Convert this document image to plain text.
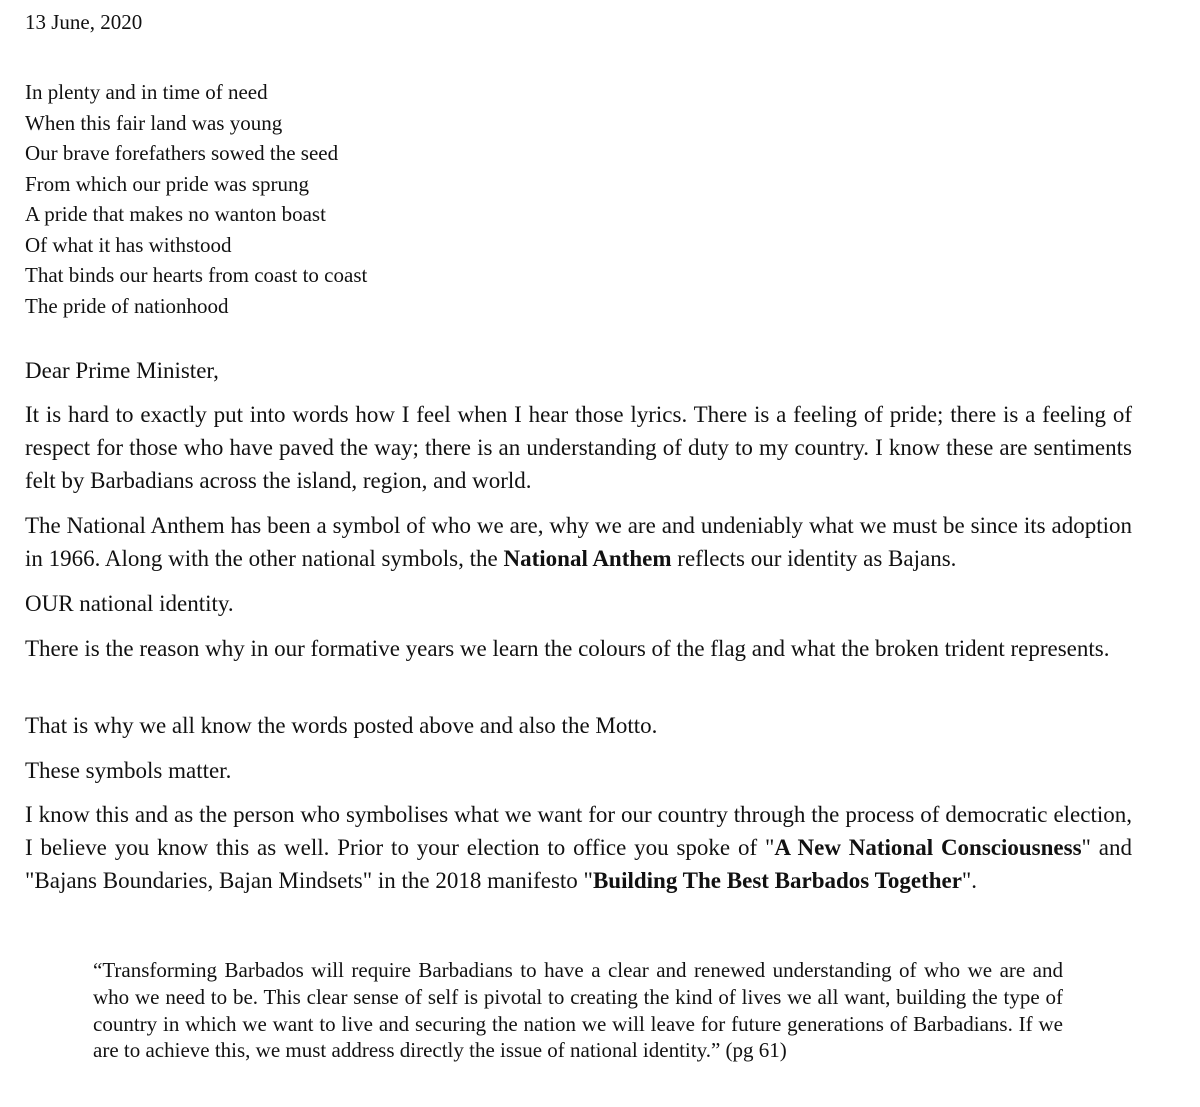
13 June, 2020
In plenty and in time of need
When this fair land was young
Our brave forefathers sowed the seed
From which our pride was sprung
A pride that makes no wanton boast
Of what it has withstood
That binds our hearts from coast to coast
The pride of nationhood
Dear Prime Minister,
It is hard to exactly put into words how I feel when I hear those lyrics. There is a feeling of pride; there is a feeling of respect for those who have paved the way; there is an understanding of duty to my country. I know these are sentiments felt by Barbadians across the island, region, and world.
The National Anthem has been a symbol of who we are, why we are and undeniably what we must be since its adoption in 1966. Along with the other national symbols, the National Anthem reflects our identity as Bajans.
OUR national identity.
There is the reason why in our formative years we learn the colours of the flag and what the broken trident represents.
That is why we all know the words posted above and also the Motto.
These symbols matter.
I know this and as the person who symbolises what we want for our country through the process of democratic election, I believe you know this as well. Prior to your election to office you spoke of "A New National Consciousness" and "Bajans Boundaries, Bajan Mindsets" in the 2018 manifesto "Building The Best Barbados Together".
“Transforming Barbados will require Barbadians to have a clear and renewed understanding of who we are and who we need to be. This clear sense of self is pivotal to creating the kind of lives we all want, building the type of country in which we want to live and securing the nation we will leave for future generations of Barbadians. If we are to achieve this, we must address directly the issue of national identity.” (pg 61)
